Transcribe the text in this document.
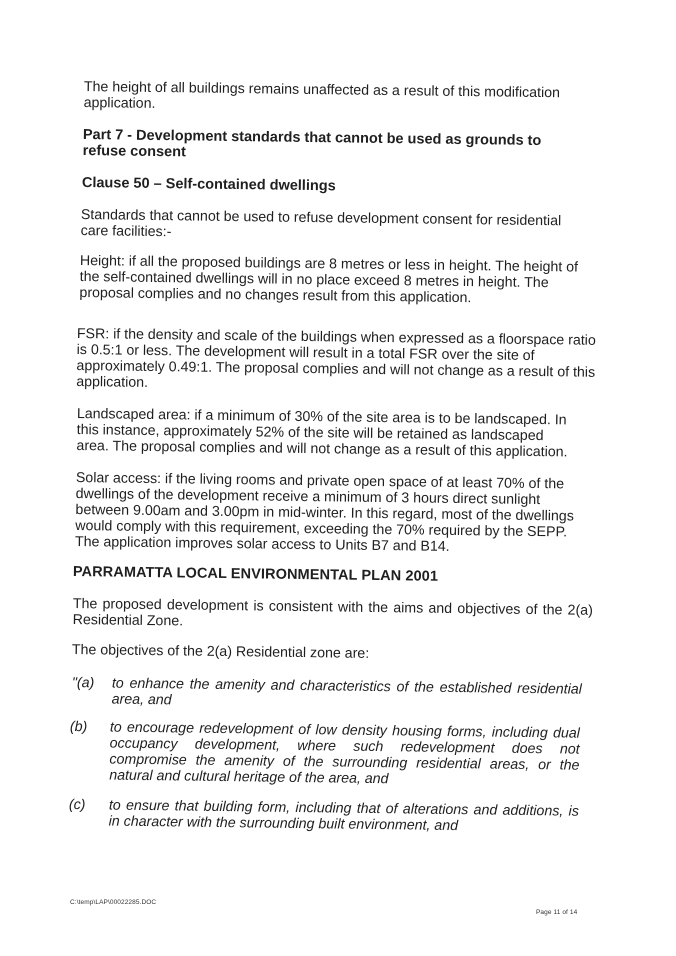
The height of all buildings remains unaffected as a result of this modification application.

Part 7 - Development standards that cannot be used as grounds to refuse consent

Clause 50 – Self-contained dwellings

Standards that cannot be used to refuse development consent for residential care facilities:-

Height: if all the proposed buildings are 8 metres or less in height. The height of the self-contained dwellings will in no place exceed 8 metres in height. The proposal complies and no changes result from this application.

FSR: if the density and scale of the buildings when expressed as a floorspace ratio is 0.5:1 or less. The development will result in a total FSR over the site of approximately 0.49:1. The proposal complies and will not change as a result of this application.

Landscaped area: if a minimum of 30% of the site area is to be landscaped. In this instance, approximately 52% of the site will be retained as landscaped area. The proposal complies and will not change as a result of this application.

Solar access: if the living rooms and private open space of at least 70% of the dwellings of the development receive a minimum of 3 hours direct sunlight between 9.00am and 3.00pm in mid-winter. In this regard, most of the dwellings would comply with this requirement, exceeding the 70% required by the SEPP. The application improves solar access to Units B7 and B14.

PARRAMATTA LOCAL ENVIRONMENTAL PLAN 2001

The proposed development is consistent with the aims and objectives of the 2(a) Residential Zone.

The objectives of the 2(a) Residential zone are:

"(a) to enhance the amenity and characteristics of the established residential area, and
(b) to encourage redevelopment of low density housing forms, including dual occupancy development, where such redevelopment does not compromise the amenity of the surrounding residential areas, or the natural and cultural heritage of the area, and
(c) to ensure that building form, including that of alterations and additions, is in character with the surrounding built environment, and
C:\temp\LAP\00022285.DOC
Page 11 of 14
